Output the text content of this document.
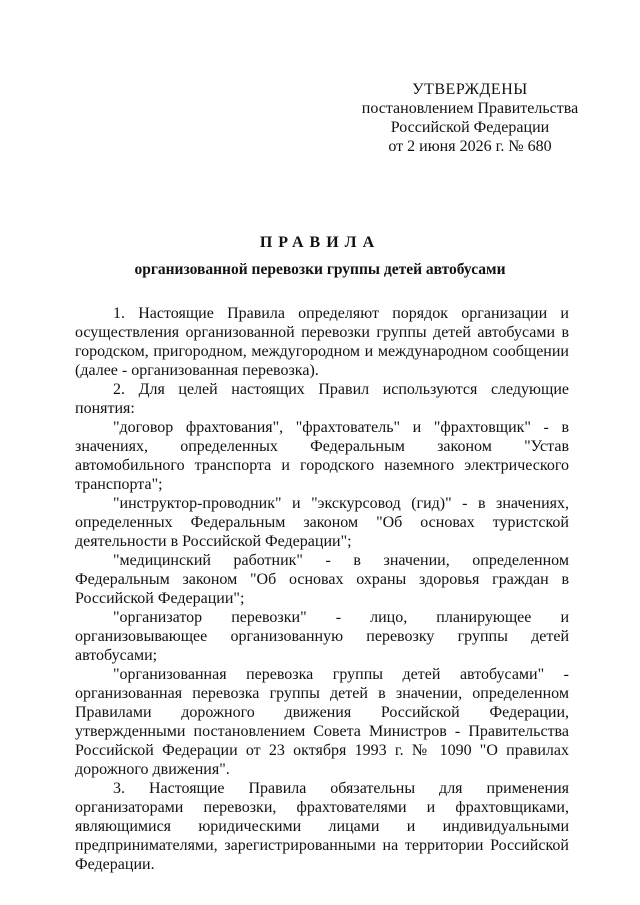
УТВЕРЖДЕНЫ
постановлением Правительства
Российской Федерации
от 2 июня 2026 г. № 680
ПРАВИЛА
организованной перевозки группы детей автобусами

1. Настоящие Правила определяют порядок организации и осуществления организованной перевозки группы детей автобусами в городском, пригородном, междугородном и международном сообщении (далее - организованная перевозка).

2. Для целей настоящих Правил используются следующие понятия:

"договор фрахтования", "фрахтователь" и "фрахтовщик" - в значениях, определенных Федеральным законом "Устав автомобильного транспорта и городского наземного электрического транспорта";

"инструктор-проводник" и "экскурсовод (гид)" - в значениях, определенных Федеральным законом "Об основах туристской деятельности в Российской Федерации";

"медицинский работник" - в значении, определенном Федеральным законом "Об основах охраны здоровья граждан в Российской Федерации";

"организатор перевозки" - лицо, планирующее и организовывающее организованную перевозку группы детей автобусами;

"организованная перевозка группы детей автобусами" - организованная перевозка группы детей в значении, определенном Правилами дорожного движения Российской Федерации, утвержденными постановлением Совета Министров - Правительства Российской Федерации от 23 октября 1993 г. № 1090 "О правилах дорожного движения".

3. Настоящие Правила обязательны для применения организаторами перевозки, фрахтователями и фрахтовщиками, являющимися юридическими лицами и индивидуальными предпринимателями, зарегистрированными на территории Российской Федерации.
